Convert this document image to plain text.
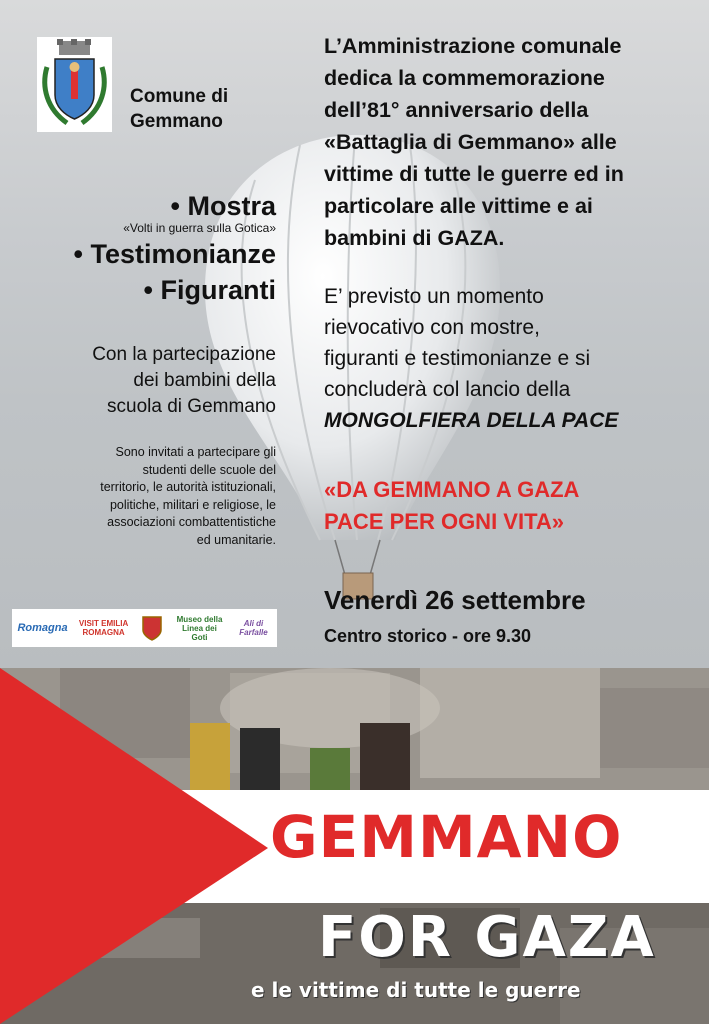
Comune di
Gemmano
• Mostra
«Volti in guerra sulla Gotica»
• Testimonianze
• Figuranti
Con la partecipazione
dei bambini della
scuola di Gemmano
Sono invitati a partecipare gli
studenti delle scuole del
territorio, le autorità istituzionali,
politiche, militari e religiose, le
associazioni combattentistiche
ed umanitarie.
Romagna VISIT EMILIA ROMAGNA
Museo della Linea dei Goti
Ali di Farfalle
L’Amministrazione comunale
dedica la commemorazione
dell’81° anniversario della
«Battaglia di Gemmano» alle
vittime di tutte le guerre ed in
particolare alle vittime e ai
bambini di GAZA.
E’ previsto un momento
rievocativo con mostre,
figuranti e testimonianze e si
concluderà col lancio della
MONGOLFIERA DELLA PACE
«DA GEMMANO A GAZA
PACE PER OGNI VITA»
Venerdì 26 settembre
Centro storico - ore 9.30
GEMMANO
FOR GAZA
e le vittime di tutte le guerre
